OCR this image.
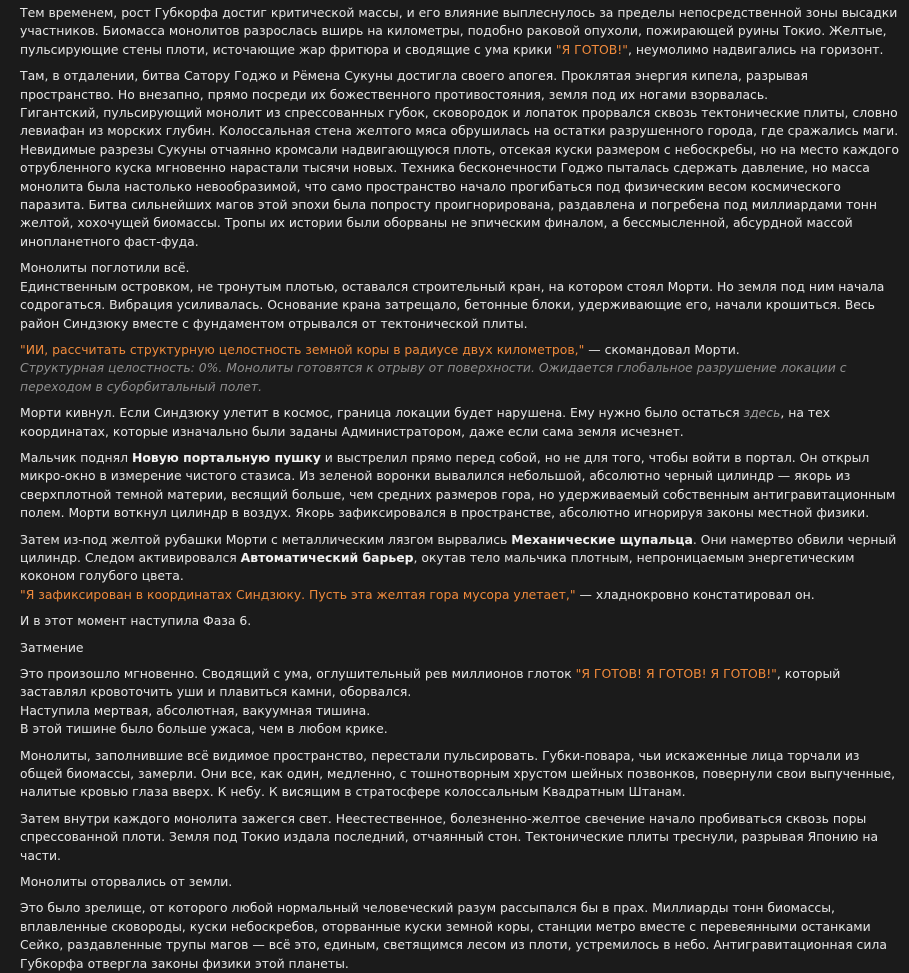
Тем временем, рост Губкорфа достиг критической массы, и его влияние выплеснулось за пределы непосредственной зоны высадки участников. Биомасса монолитов разрослась вширь на километры, подобно раковой опухоли, пожирающей руины Токио. Желтые, пульсирующие стены плоти, источающие жар фритюра и сводящие с ума крики "Я ГОТОВ!", неумолимо надвигались на горизонт.

Там, в отдалении, битва Сатору Годжо и Рёмена Сукуны достигла своего апогея. Проклятая энергия кипела, разрывая пространство. Но внезапно, прямо посреди их божественного противостояния, земля под их ногами взорвалась.
Гигантский, пульсирующий монолит из спрессованных губок, сковородок и лопаток прорвался сквозь тектонические плиты, словно левиафан из морских глубин. Колоссальная стена желтого мяса обрушилась на остатки разрушенного города, где сражались маги. Невидимые разрезы Сукуны отчаянно кромсали надвигающуюся плоть, отсекая куски размером с небоскребы, но на место каждого отрубленного куска мгновенно нарастали тысячи новых. Техника бесконечности Годжо пыталась сдержать давление, но масса монолита была настолько невообразимой, что само пространство начало прогибаться под физическим весом космического паразита. Битва сильнейших магов этой эпохи была попросту проигнорирована, раздавлена и погребена под миллиардами тонн желтой, хохочущей биомассы. Тропы их истории были оборваны не эпическим финалом, а бессмысленной, абсурдной массой инопланетного фаст-фуда.

Монолиты поглотили всё.
Единственным островком, не тронутым плотью, оставался строительный кран, на котором стоял Морти. Но земля под ним начала содрогаться. Вибрация усиливалась. Основание крана затрещало, бетонные блоки, удерживающие его, начали крошиться. Весь район Синдзюку вместе с фундаментом отрывался от тектонической плиты.

"ИИ, рассчитать структурную целостность земной коры в радиусе двух километров," — скомандовал Морти.
Структурная целостность: 0%. Монолиты готовятся к отрыву от поверхности. Ожидается глобальное разрушение локации с переходом в суборбитальный полет.

Морти кивнул. Если Синдзюку улетит в космос, граница локации будет нарушена. Ему нужно было остаться здесь, на тех координатах, которые изначально были заданы Администратором, даже если сама земля исчезнет.

Мальчик поднял Новую портальную пушку и выстрелил прямо перед собой, но не для того, чтобы войти в портал. Он открыл микро-окно в измерение чистого стазиса. Из зеленой воронки вывалился небольшой, абсолютно черный цилиндр — якорь из сверхплотной темной материи, весящий больше, чем средних размеров гора, но удерживаемый собственным антигравитационным полем. Морти воткнул цилиндр в воздух. Якорь зафиксировался в пространстве, абсолютно игнорируя законы местной физики.

Затем из-под желтой рубашки Морти с металлическим лязгом вырвались Механические щупальца. Они намертво обвили черный цилиндр. Следом активировался Автоматический барьер, окутав тело мальчика плотным, непроницаемым энергетическим коконом голубого цвета.
"Я зафиксирован в координатах Синдзюку. Пусть эта желтая гора мусора улетает," — хладнокровно констатировал он.

И в этот момент наступила Фаза 6.

Затмение

Это произошло мгновенно. Сводящий с ума, оглушительный рев миллионов глоток "Я ГОТОВ! Я ГОТОВ! Я ГОТОВ!", который заставлял кровоточить уши и плавиться камни, оборвался.
Наступила мертвая, абсолютная, вакуумная тишина.
В этой тишине было больше ужаса, чем в любом крике.

Монолиты, заполнившие всё видимое пространство, перестали пульсировать. Губки-повара, чьи искаженные лица торчали из общей биомассы, замерли. Они все, как один, медленно, с тошнотворным хрустом шейных позвонков, повернули свои выпученные, налитые кровью глаза вверх. К небу. К висящим в стратосфере колоссальным Квадратным Штанам.

Затем внутри каждого монолита зажегся свет. Неестественное, болезненно-желтое свечение начало пробиваться сквозь поры спрессованной плоти. Земля под Токио издала последний, отчаянный стон. Тектонические плиты треснули, разрывая Японию на части.

Монолиты оторвались от земли.

Это было зрелище, от которого любой нормальный человеческий разум рассыпался бы в прах. Миллиарды тонн биомассы, вплавленные сковороды, куски небоскребов, оторванные куски земной коры, станции метро вместе с перевеянными останками Сейко, раздавленные трупы магов — всё это, единым, светящимся лесом из плоти, устремилось в небо. Антигравитационная сила Губкорфа отвергла законы физики этой планеты.
